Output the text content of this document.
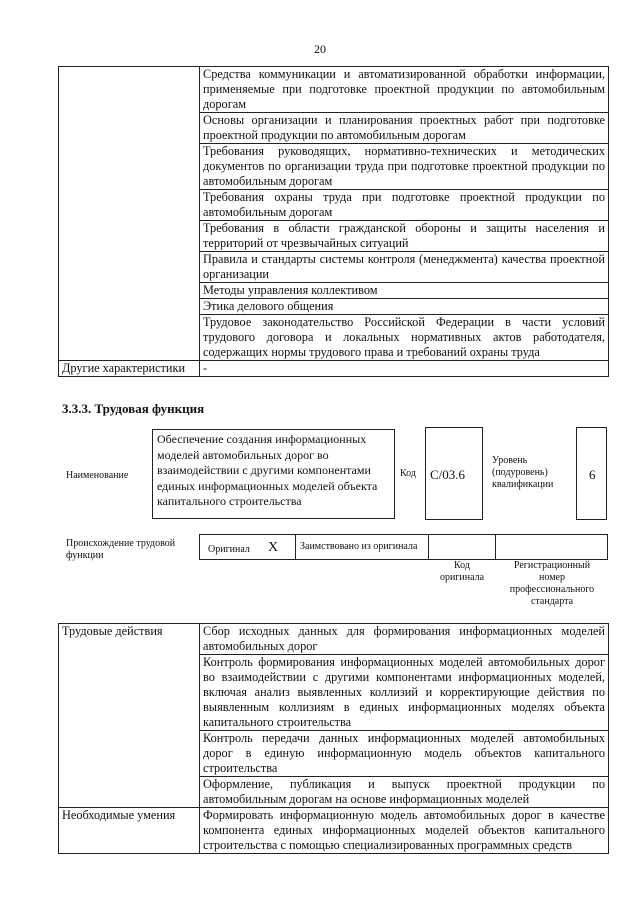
20
	Средства коммуникации и автоматизированной обработки информации, применяемые при подготовке проектной продукции по автомобильным дорогам
	Основы организации и планирования проектных работ при подготовке проектной продукции по автомобильным дорогам
	Требования руководящих, нормативно-технических и методических документов по организации труда при подготовке проектной продукции по автомобильным дорогам
	Требования охраны труда при подготовке проектной продукции по автомобильным дорогам
	Требования в области гражданской обороны и защиты населения и территорий от чрезвычайных ситуаций
	Правила и стандарты системы контроля (менеджмента) качества проектной организации
	Методы управления коллективом
	Этика делового общения
	Трудовое законодательство Российской Федерации в части условий трудового договора и локальных нормативных актов работодателя, содержащих нормы трудового права и требований охраны труда
Другие характеристики	-
3.3.3. Трудовая функция
Наименование
Обеспечение создания информационных моделей автомобильных дорог во взаимодействии с другими компонентами единых информационных моделей объекта капитального строительства
Код	C/03.6
Уровень (подуровень) квалификации
6
Происхождение трудовой функции
Оригинал X	Заимствовано из оригинала
Код оригинала
Регистрационный номер профессионального стандарта
Трудовые действия	Сбор исходных данных для формирования информационных моделей автомобильных дорог
	Контроль формирования информационных моделей автомобильных дорог во взаимодействии с другими компонентами информационных моделей, включая анализ выявленных коллизий и корректирующие действия по выявленным коллизиям в единых информационных моделях объекта капитального строительства
	Контроль передачи данных информационных моделей автомобильных дорог в единую информационную модель объектов капитального строительства
	Оформление, публикация и выпуск проектной продукции по автомобильным дорогам на основе информационных моделей
Необходимые умения	Формировать информационную модель автомобильных дорог в качестве компонента единых информационных моделей объектов капитального строительства с помощью специализированных программных средств
